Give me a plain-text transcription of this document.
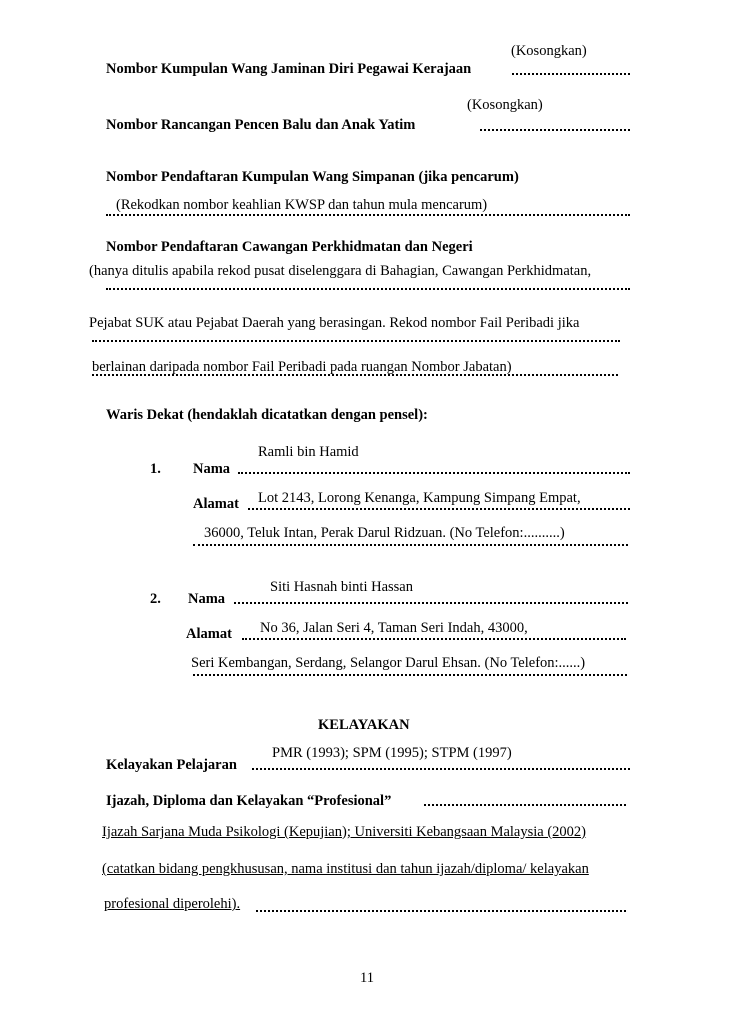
(Kosongkan)
Nombor Kumpulan Wang Jaminan Diri Pegawai Kerajaan
(Kosongkan)
Nombor Rancangan Pencen Balu dan Anak Yatim
Nombor Pendaftaran Kumpulan Wang Simpanan (jika pencarum)
(Rekodkan nombor keahlian KWSP dan tahun mula mencarum)
Nombor Pendaftaran Cawangan Perkhidmatan dan Negeri
(hanya ditulis apabila rekod pusat diselenggara di Bahagian, Cawangan Perkhidmatan,
Pejabat SUK atau Pejabat Daerah yang berasingan. Rekod nombor Fail Peribadi jika
berlainan daripada nombor Fail Peribadi pada ruangan Nombor Jabatan)
Waris Dekat (hendaklah dicatatkan dengan pensel):
Ramli bin Hamid
1. Nama
Lot 2143, Lorong Kenanga, Kampung Simpang Empat,
Alamat
36000, Teluk Intan, Perak Darul Ridzuan. (No Telefon:..........)
Siti Hasnah binti Hassan
2. Nama
No 36, Jalan Seri 4, Taman Seri Indah, 43000,
Alamat
Seri Kembangan, Serdang, Selangor Darul Ehsan. (No Telefon:......)
KELAYAKAN
PMR (1993); SPM (1995); STPM (1997)
Kelayakan Pelajaran
Ijazah, Diploma dan Kelayakan “Profesional”
Ijazah Sarjana Muda Psikologi (Kepujian); Universiti Kebangsaan Malaysia (2002)
(catatkan bidang pengkhususan, nama institusi dan tahun ijazah/diploma/ kelayakan
profesional diperolehi).
11
